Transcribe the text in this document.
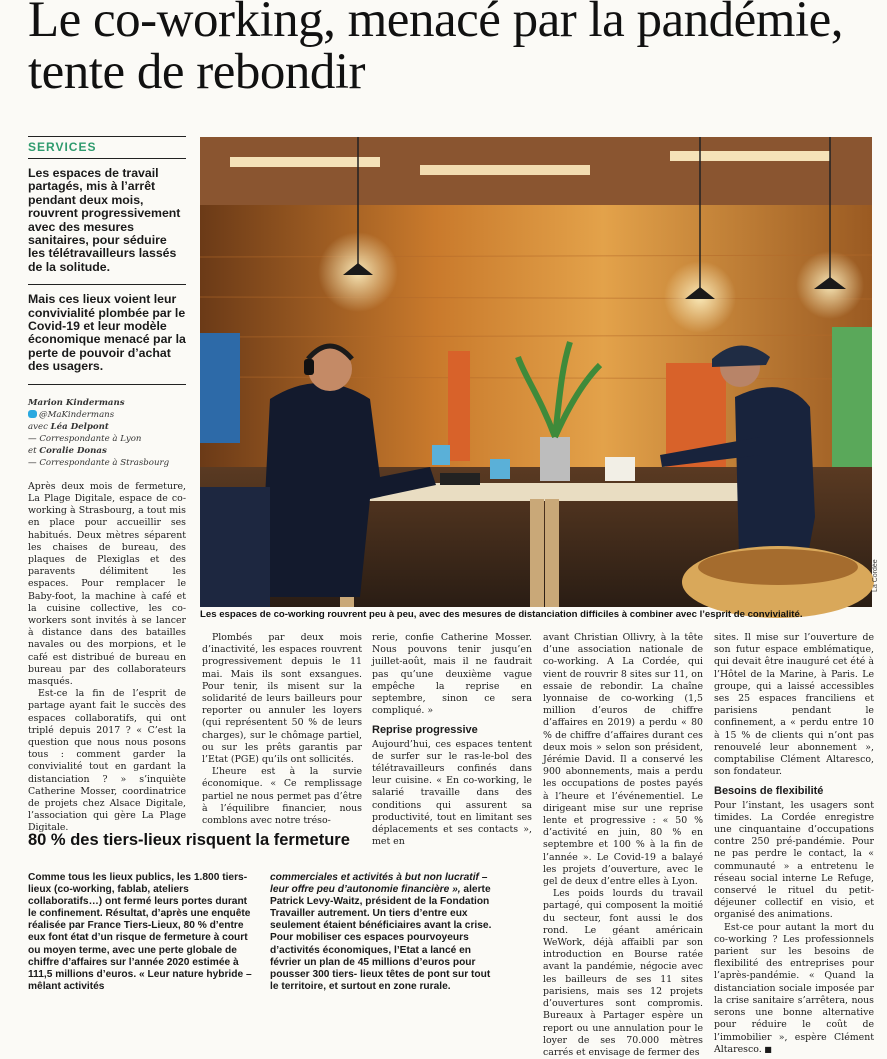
Le co-working, menacé par la pandémie, tente de rebondir
SERVICES
Les espaces de travail partagés, mis à l’arrêt pendant deux mois, rouvrent progressivement avec des mesures sanitaires, pour séduire les télétravailleurs lassés de la solitude.
Mais ces lieux voient leur convivialité plombée par le Covid-19 et leur modèle économique menacé par la perte de pouvoir d’achat des usagers.
Marion Kindermans
@MaKindermans
avec Léa Delpont
— Correspondante à Lyon
et Coralie Donas
— Correspondante à Strasbourg

Après deux mois de fermeture, La Plage Digitale, espace de co-working à Strasbourg, a tout mis en place pour accueillir ses habitués. Deux mètres séparent les chaises de bureau, des plaques de Plexiglas et des paravents délimitent les espaces. Pour remplacer le Baby-foot, la machine à café et la cuisine collective, les co-workers sont invités à se lancer à distance dans des batailles navales ou des morpions, et le café est distribué de bureau en bureau par des collaborateurs masqués.

Est-ce la fin de l’esprit de partage ayant fait le succès des espaces collaboratifs, qui ont triplé depuis 2017 ? « C’est la question que nous nous posons tous : comment garder la convivialité tout en gardant la distanciation ? » s’inquiète Catherine Mosser, coordinatrice de projets chez Alsace Digitale, l’association qui gère La Plage Digitale.

Les espaces de co-working rouvrent peu à peu, avec des mesures de distanciation difficiles à combiner avec l’esprit de convivialité.
La Cordée

Plombés par deux mois d’inactivité, les espaces rouvrent progressivement depuis le 11 mai. Mais ils sont exsangues. Pour tenir, ils misent sur la solidarité de leurs bailleurs pour reporter ou annuler les loyers (qui représentent 50 % de leurs charges), sur le chômage partiel, ou sur les prêts garantis par l’Etat (PGE) qu’ils ont sollicités.

L’heure est à la survie économique. « Ce remplissage partiel ne nous permet pas d’être à l’équilibre financier, nous comblons avec notre tréso-

rerie, confie Catherine Mosser. Nous pouvons tenir jusqu’en juillet-août, mais il ne faudrait pas qu’une deuxième vague empêche la reprise en septembre, sinon ce sera compliqué. »

Reprise progressive

Aujourd’hui, ces espaces tentent de surfer sur le ras-le-bol des télétravailleurs confinés dans leur cuisine. « En co-working, le salarié travaille dans des conditions qui assurent sa productivité, tout en limitant ses déplacements et ses contacts », met en

avant Christian Ollivry, à la tête d’une association nationale de co-working. A La Cordée, qui vient de rouvrir 8 sites sur 11, on essaie de rebondir. La chaîne lyonnaise de co-working (1,5 million d’euros de chiffre d’affaires en 2019) a perdu « 80 % de chiffre d’affaires durant ces deux mois » selon son président, Jérémie David. Il a conservé les 900 abonnements, mais a perdu les occupations de postes payés à l’heure et l’événementiel. Le dirigeant mise sur une reprise lente et progressive : « 50 % d’activité en juin, 80 % en septembre et 100 % à la fin de l’année ». Le Covid-19 a balayé les projets d’ouverture, avec le gel de deux d’entre elles à Lyon.

Les poids lourds du travail partagé, qui composent la moitié du secteur, font aussi le dos rond. Le géant américain WeWork, déjà affaibli par son introduction en Bourse ratée avant la pandémie, négocie avec les bailleurs de ses 11 sites parisiens, mais ses 12 projets d’ouvertures sont compromis. Bureaux à Partager espère un report ou une annulation pour le loyer de ses 70.000 mètres carrés et envisage de fermer des

sites. Il mise sur l’ouverture de son futur espace emblématique, qui devait être inauguré cet été à l’Hôtel de la Marine, à Paris. Le groupe, qui a laissé accessibles ses 25 espaces franciliens et parisiens pendant le confinement, a « perdu entre 10 à 15 % de clients qui n’ont pas renouvelé leur abonnement », comptabilise Clément Altaresco, son fondateur.

Besoins de flexibilité

Pour l’instant, les usagers sont timides. La Cordée enregistre une cinquantaine d’occupations contre 250 pré-pandémie. Pour ne pas perdre le contact, la « communauté » a entretenu le réseau social interne Le Refuge, conservé le rituel du petit-déjeuner collectif en visio, et organisé des animations.

Est-ce pour autant la mort du co-working ? Les professionnels parient sur les besoins de flexibilité des entreprises pour l’après-pandémie. « Quand la distanciation sociale imposée par la crise sanitaire s’arrêtera, nous serons une bonne alternative pour réduire le coût de l’immobilier », espère Clément Altaresco. ■

80 % des tiers-lieux risquent la fermeture
Comme tous les lieux publics, les 1.800 tiers-lieux (co-working, fablab, ateliers collaboratifs…) ont fermé leurs portes durant le confinement. Résultat, d’après une enquête réalisée par France Tiers-Lieux, 80 % d’entre eux font état d’un risque de fermeture à court ou moyen terme, avec une perte globale de chiffre d’affaires sur l’année 2020 estimée à 111,5 millions d’euros. « Leur nature hybride – mêlant activités
commerciales et activités à but non lucratif – leur offre peu d’autonomie financière », alerte Patrick Levy-Waitz, président de la Fondation Travailler autrement. Un tiers d’entre eux seulement étaient bénéficiaires avant la crise. Pour mobiliser ces espaces pourvoyeurs d’activités économiques, l’Etat a lancé en février un plan de 45 millions d’euros pour pousser 300 tiers- lieux têtes de pont sur tout le territoire, et surtout en zone rurale.
